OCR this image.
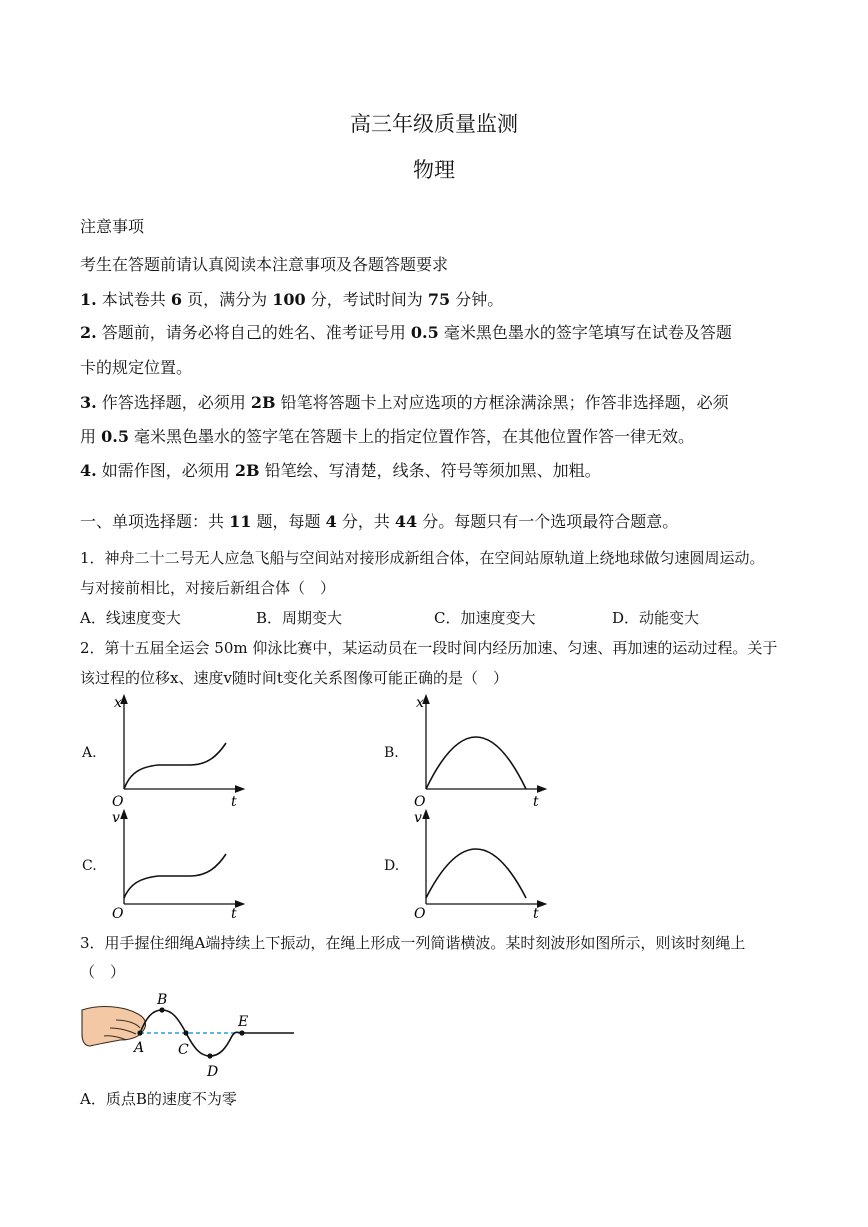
高三年级质量监测
物理
注意事项
考生在答题前请认真阅读本注意事项及各题答题要求
1. 本试卷共 6 页，满分为 100 分，考试时间为 75 分钟。
2. 答题前，请务必将自己的姓名、准考证号用 0.5 毫米黑色墨水的签字笔填写在试卷及答题
卡的规定位置。
3. 作答选择题，必须用 2B 铅笔将答题卡上对应选项的方框涂满涂黑；作答非选择题，必须
用 0.5 毫米黑色墨水的签字笔在答题卡上的指定位置作答，在其他位置作答一律无效。
4. 如需作图，必须用 2B 铅笔绘、写清楚，线条、符号等须加黑、加粗。
一、单项选择题：共 11 题，每题 4 分，共 44 分。每题只有一个选项最符合题意。
1．神舟二十二号无人应急飞船与空间站对接形成新组合体，在空间站原轨道上绕地球做匀速圆周运动。
与对接前相比，对接后新组合体（　）
A．线速度变大	B．周期变大	C．加速度变大	D．动能变大
2．第十五届全运会 50m 仰泳比赛中，某运动员在一段时间内经历加速、匀速、再加速的运动过程。关于
该过程的位移x、速度v随时间t变化关系图像可能正确的是（　）
A.	B.
C.	D.
x
t
O
x
t
O
v
t
O
v
t
O
3．用手握住细绳A端持续上下振动，在绳上形成一列简谐横波。某时刻波形如图所示，则该时刻绳上
（　）
A
B
C
D
E
A．质点B的速度不为零
